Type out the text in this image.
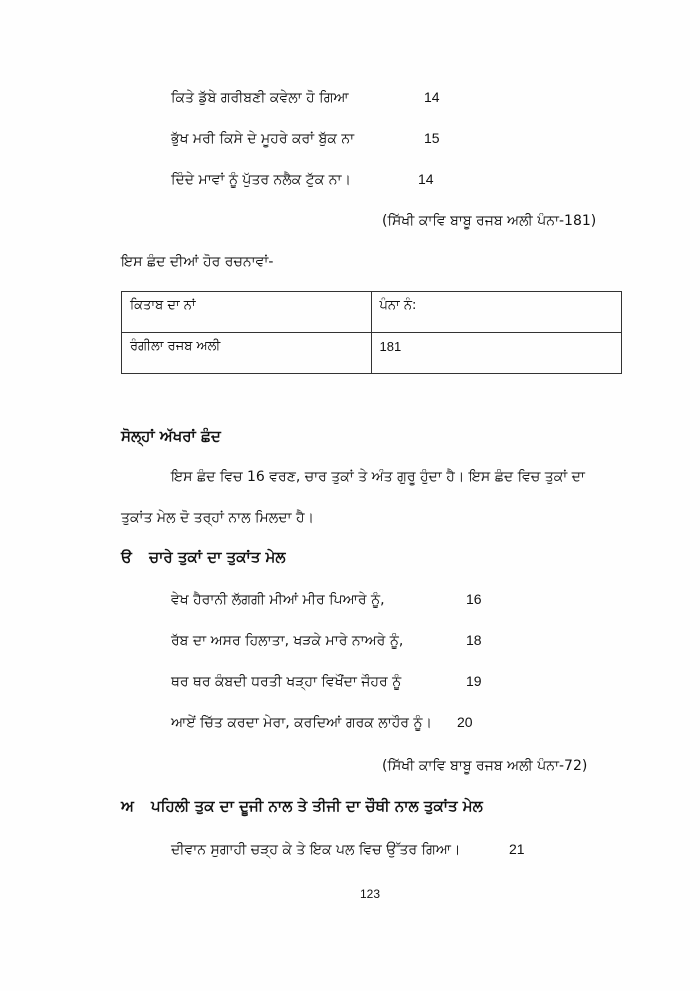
ਕਿਤੇ ਡੁੱਬੇ ਗਰੀਬਣੀ ਕਵੇਲਾ ਹੋ ਗਿਆ	14
ਭੁੱਖ ਮਰੀ ਕਿਸੇ ਦੇ ਮੂਹਰੇ ਕਰਾਂ ਬੁੱਕ ਨਾ	15
ਦਿੰਦੇ ਮਾਵਾਂ ਨੂੰ ਪੁੱਤਰ ਨਲੈਕ ਟੁੱਕ ਨਾ।	14
(ਸਿੱਖੀ ਕਾਵਿ ਬਾਬੂ ਰਜਬ ਅਲੀ ਪੰਨਾ-181)
ਇਸ ਛੰਦ ਦੀਆਂ ਹੋਰ ਰਚਨਾਵਾਂ-
ਕਿਤਾਬ ਦਾ ਨਾਂ	ਪੰਨਾ ਨੰ:
ਰੰਗੀਲਾ ਰਜਬ ਅਲੀ	181
ਸੋਲ੍ਹਾਂ ਅੱਖਰਾਂ ਛੰਦ
ਇਸ ਛੰਦ ਵਿਚ 16 ਵਰਣ, ਚਾਰ ਤੁਕਾਂ ਤੇ ਅੰਤ ਗੁਰੂ ਹੁੰਦਾ ਹੈ। ਇਸ ਛੰਦ ਵਿਚ ਤੁਕਾਂ ਦਾ
ਤੁਕਾਂਤ ਮੇਲ ਦੋ ਤਰ੍ਹਾਂ ਨਾਲ ਮਿਲਦਾ ਹੈ।
ੳ ਚਾਰੇ ਤੁਕਾਂ ਦਾ ਤੁਕਾਂਤ ਮੇਲ
ਵੇਖ ਹੈਰਾਨੀ ਲੱਗਗੀ ਮੀਆਂ ਮੀਰ ਪਿਆਰੇ ਨੂੰ,	16
ਰੱਬ ਦਾ ਅਸਰ ਹਿਲਾਤਾ, ਖੜਕੇ ਮਾਰੇ ਨਾਅਰੇ ਨੂੰ,	18
ਥਰ ਥਰ ਕੰਬਦੀ ਧਰਤੀ ਖੜ੍ਹਾ ਵਿਖੌਂਦਾ ਜੌਹਰ ਨੂੰ	19
ਆਏਂ ਚਿੱਤ ਕਰਦਾ ਮੇਰਾ, ਕਰਦਿਆਂ ਗਰਕ ਲਾਹੌਰ ਨੂੰ। 20
(ਸਿੱਖੀ ਕਾਵਿ ਬਾਬੂ ਰਜਬ ਅਲੀ ਪੰਨਾ-72)
ਅ ਪਹਿਲੀ ਤੁਕ ਦਾ ਦੂਜੀ ਨਾਲ ਤੇ ਤੀਜੀ ਦਾ ਚੌਥੀ ਨਾਲ ਤੁਕਾਂਤ ਮੇਲ
ਦੀਵਾਨ ਸੁਗਾਹੀ ਚੜ੍ਹ ਕੇ ਤੇ ਇਕ ਪਲ ਵਿਚ ਉੱਤਰ ਗਿਆ।	21
123
